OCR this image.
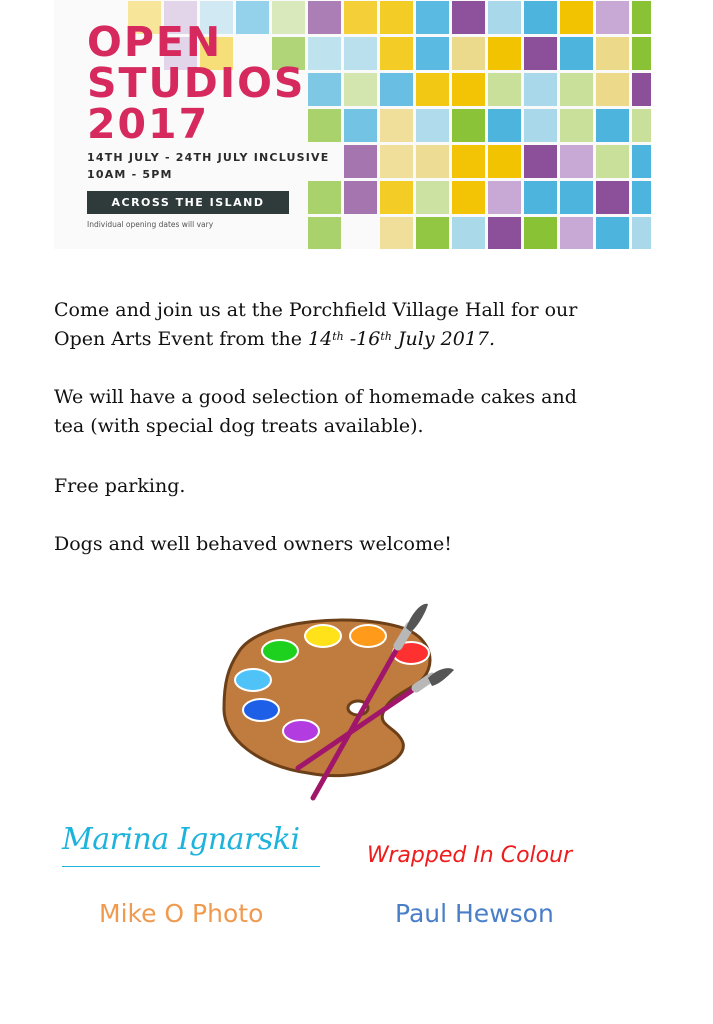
OPEN

STUDIOS

2017

14TH JULY - 24TH JULY INCLUSIVE
10AM - 5PM
ACROSS THE ISLAND
Individual opening dates will vary

Come and join us at the Porchfield Village Hall for our
Open Arts Event from the 14th -16th July 2017.

We will have a good selection of homemade cakes and
tea (with special dog treats available).

Free parking.

Dogs and well behaved owners welcome!

Marina Ignarski	Wrapped In Colour
Mike O Photo	Paul Hewson
